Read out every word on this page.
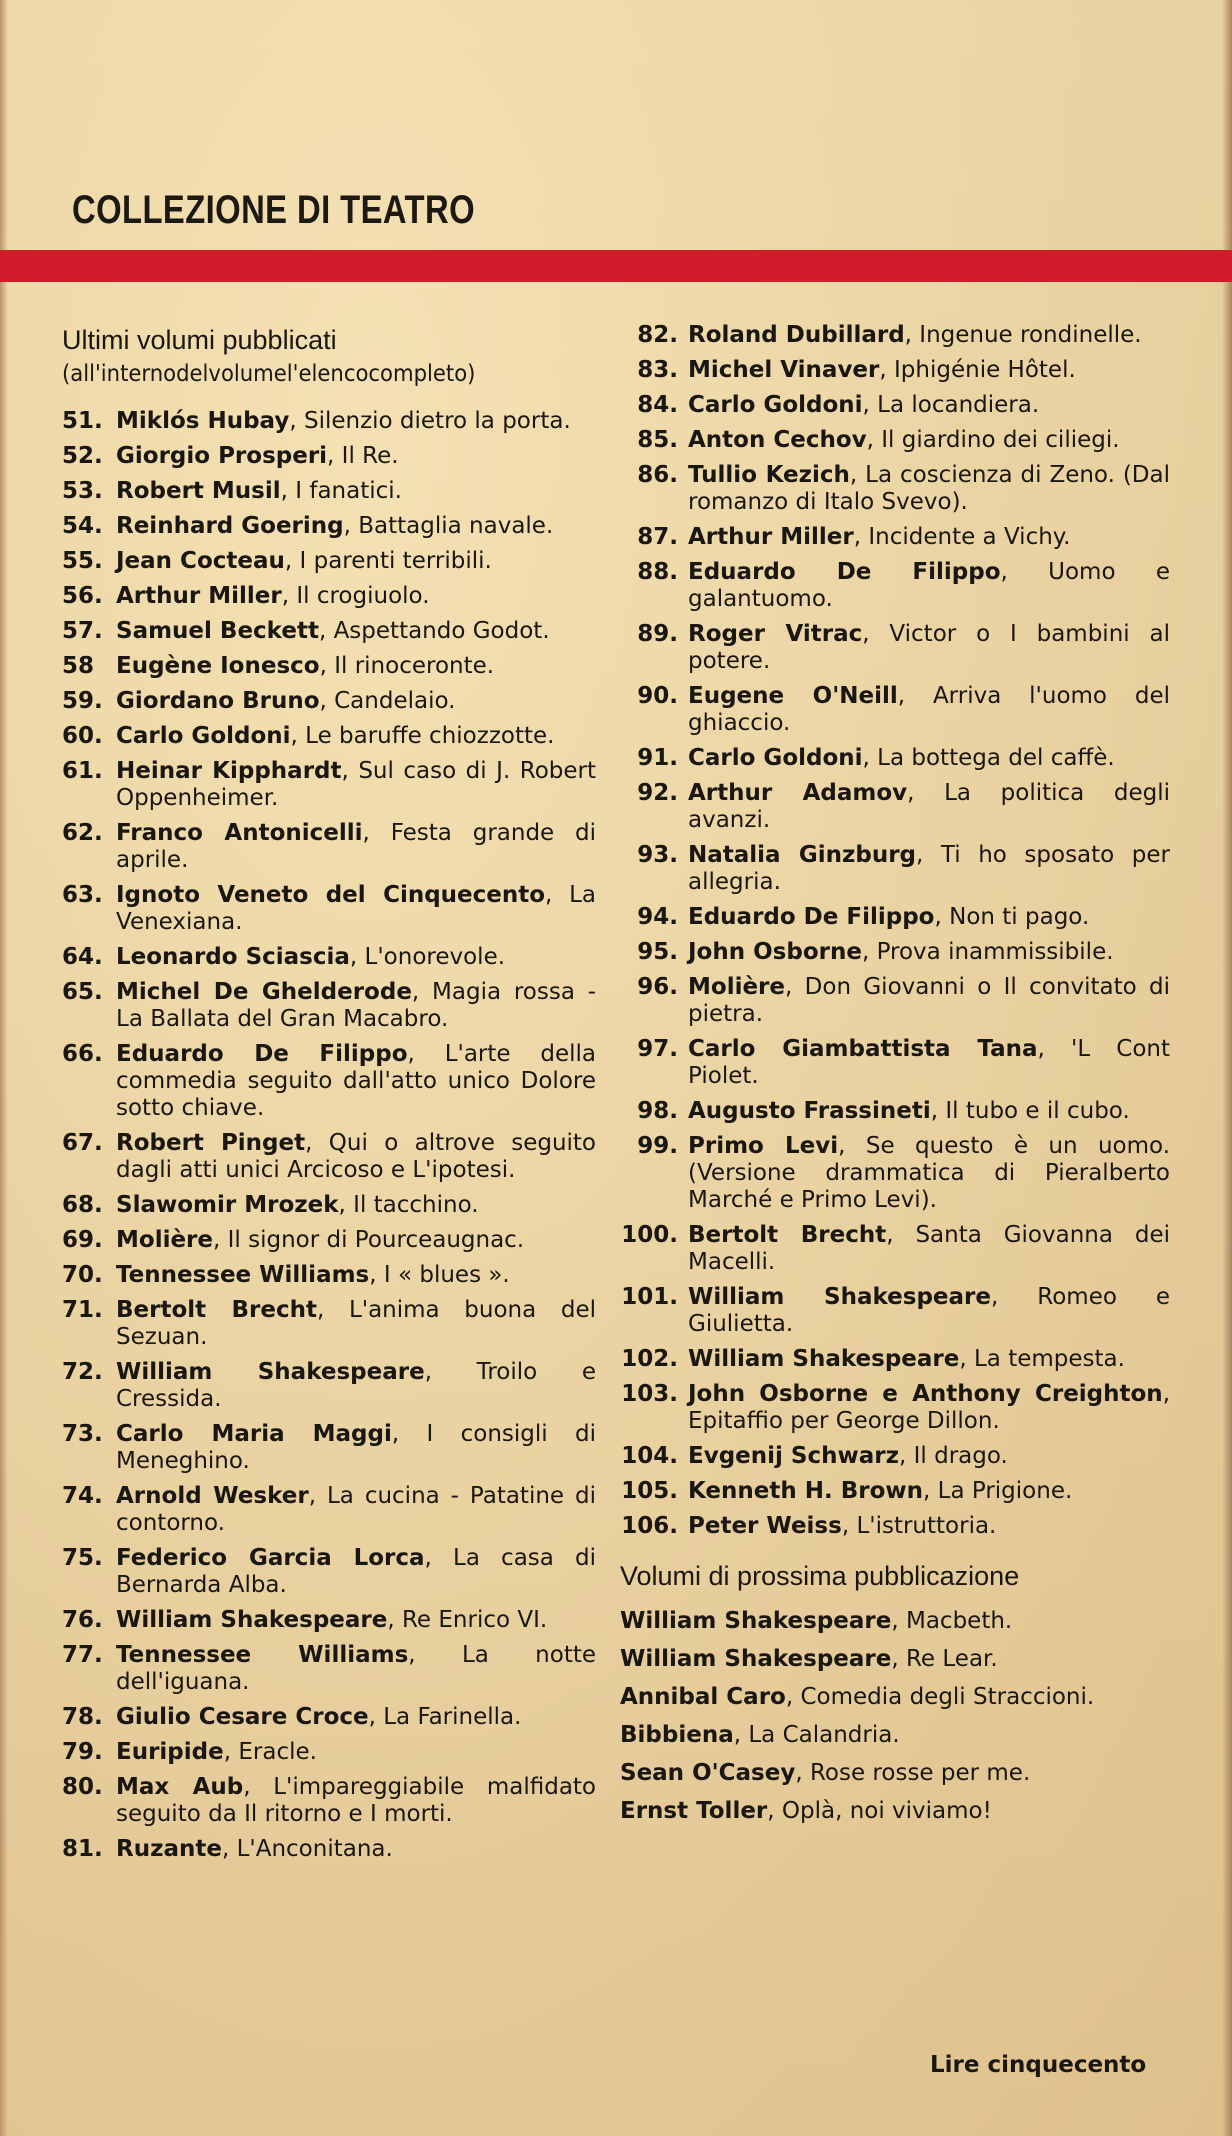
COLLEZIONE DI TEATRO
Ultimi volumi pubblicati

(all'internodelvolumel'elencocompleto)

51. Miklós Hubay, Silenzio dietro la porta.
52. Giorgio Prosperi, Il Re.
53. Robert Musil, I fanatici.
54. Reinhard Goering, Battaglia navale.
55. Jean Cocteau, I parenti terribili.
56. Arthur Miller, Il crogiuolo.
57. Samuel Beckett, Aspettando Godot.
58 Eugène Ionesco, Il rinoceronte.
59. Giordano Bruno, Candelaio.
60. Carlo Goldoni, Le baruffe chiozzotte.
61. Heinar Kipphardt, Sul caso di J. Robert Oppenheimer.
62. Franco Antonicelli, Festa grande di aprile.
63. Ignoto Veneto del Cinquecento, La Venexiana.
64. Leonardo Sciascia, L'onorevole.
65. Michel De Ghelderode, Magia rossa - La Ballata del Gran Macabro.
66. Eduardo De Filippo, L'arte della commedia seguito dall'atto unico Dolore sotto chiave.
67. Robert Pinget, Qui o altrove seguito dagli atti unici Arcicoso e L'ipotesi.
68. Slawomir Mrozek, Il tacchino.
69. Molière, Il signor di Pourceaugnac.
70. Tennessee Williams, I « blues ».
71. Bertolt Brecht, L'anima buona del Sezuan.
72. William Shakespeare, Troilo e Cressida.
73. Carlo Maria Maggi, I consigli di Meneghino.
74. Arnold Wesker, La cucina - Patatine di contorno.
75. Federico Garcia Lorca, La casa di Bernarda Alba.
76. William Shakespeare, Re Enrico VI.
77. Tennessee Williams, La notte dell'iguana.
78. Giulio Cesare Croce, La Farinella.
79. Euripide, Eracle.
80. Max Aub, L'impareggiabile malfidato seguito da Il ritorno e I morti.
81. Ruzante, L'Anconitana.
82. Roland Dubillard, Ingenue rondinelle.
83. Michel Vinaver, Iphigénie Hôtel.
84. Carlo Goldoni, La locandiera.
85. Anton Cechov, Il giardino dei ciliegi.
86. Tullio Kezich, La coscienza di Zeno. (Dal romanzo di Italo Svevo).
87. Arthur Miller, Incidente a Vichy.
88. Eduardo De Filippo, Uomo e galantuomo.
89. Roger Vitrac, Victor o I bambini al potere.
90. Eugene O'Neill, Arriva l'uomo del ghiaccio.
91. Carlo Goldoni, La bottega del caffè.
92. Arthur Adamov, La politica degli avanzi.
93. Natalia Ginzburg, Ti ho sposato per allegria.
94. Eduardo De Filippo, Non ti pago.
95. John Osborne, Prova inammissibile.
96. Molière, Don Giovanni o Il convitato di pietra.
97. Carlo Giambattista Tana, 'L Cont Piolet.
98. Augusto Frassineti, Il tubo e il cubo.
99. Primo Levi, Se questo è un uomo. (Versione drammatica di Pieralberto Marché e Primo Levi).
100. Bertolt Brecht, Santa Giovanna dei Macelli.
101. William Shakespeare, Romeo e Giulietta.
102. William Shakespeare, La tempesta.
103. John Osborne e Anthony Creighton, Epitaffio per George Dillon.
104. Evgenij Schwarz, Il drago.
105. Kenneth H. Brown, La Prigione.
106. Peter Weiss, L'istruttoria.
Volumi di prossima pubblicazione
William Shakespeare, Macbeth.
William Shakespeare, Re Lear.
Annibal Caro, Comedia degli Straccioni.
Bibbiena, La Calandria.
Sean O'Casey, Rose rosse per me.
Ernst Toller, Oplà, noi viviamo!
Lire cinquecento
